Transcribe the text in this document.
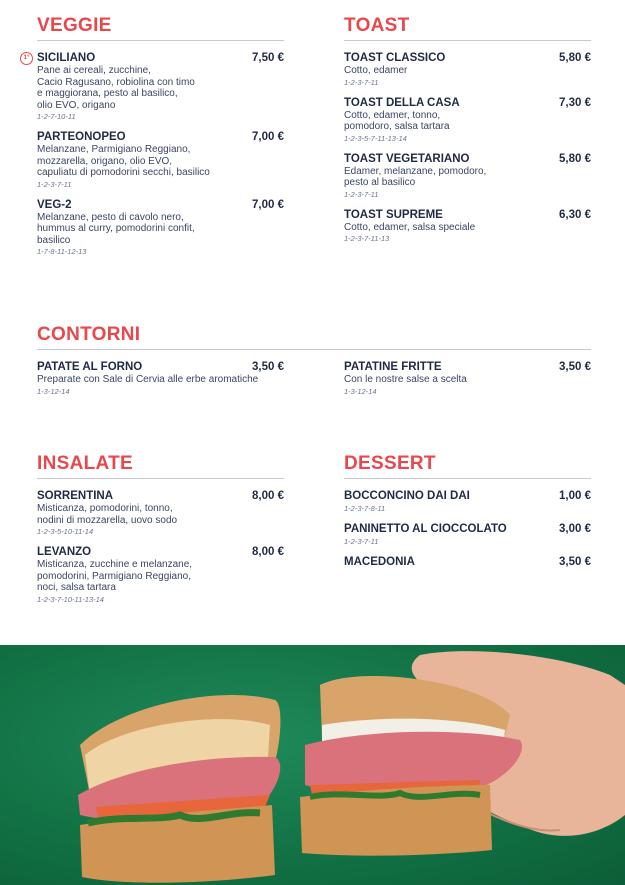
VEGGIE
1° SICILIANO
Pane ai cereali, zucchine,
Cacio Ragusano, robiolina con timo
e maggiorana, pesto al basilico,
olio EVO, origano
1-2-7-10-11
7,50 €
PARTEONOPEO
Melanzane, Parmigiano Reggiano,
mozzarella, origano, olio EVO,
capuliatu di pomodorini secchi, basilico
1-2-3-7-11
7,00 €
VEG-2
Melanzane, pesto di cavolo nero,
hummus al curry, pomodorini confit,
basilico
1-7-8-11-12-13
7,00 €
TOAST
TOAST CLASSICO
Cotto, edamer
1-2-3-7-11
5,80 €
TOAST DELLA CASA
Cotto, edamer, tonno,
pomodoro, salsa tartara
1-2-3-5-7-11-13-14
7,30 €
TOAST VEGETARIANO
Edamer, melanzane, pomodoro,
pesto al basilico
1-2-3-7-11
5,80 €
TOAST SUPREME
Cotto, edamer, salsa speciale
1-2-3-7-11-13
6,30 €
CONTORNI
PATATE AL FORNO
Preparate con Sale di Cervia alle erbe aromatiche
1-3-12-14
3,50 €	PATATINE FRITTE
Con le nostre salse a scelta
1-3-12-14
3,50 €
INSALATE
SORRENTINA
Misticanza, pomodorini, tonno,
nodini di mozzarella, uovo sodo
1-2-3-5-10-11-14
8,00 €
LEVANZO
Misticanza, zucchine e melanzane,
pomodorini, Parmigiano Reggiano,
noci, salsa tartara
1-2-3-7-10-11-13-14
8,00 €
DESSERT
BOCCONCINO DAI DAI
1-2-3-7-8-11
1,00 €
PANINETTO AL CIOCCOLATO
1-2-3-7-11
3,00 €
MACEDONIA	3,50 €
